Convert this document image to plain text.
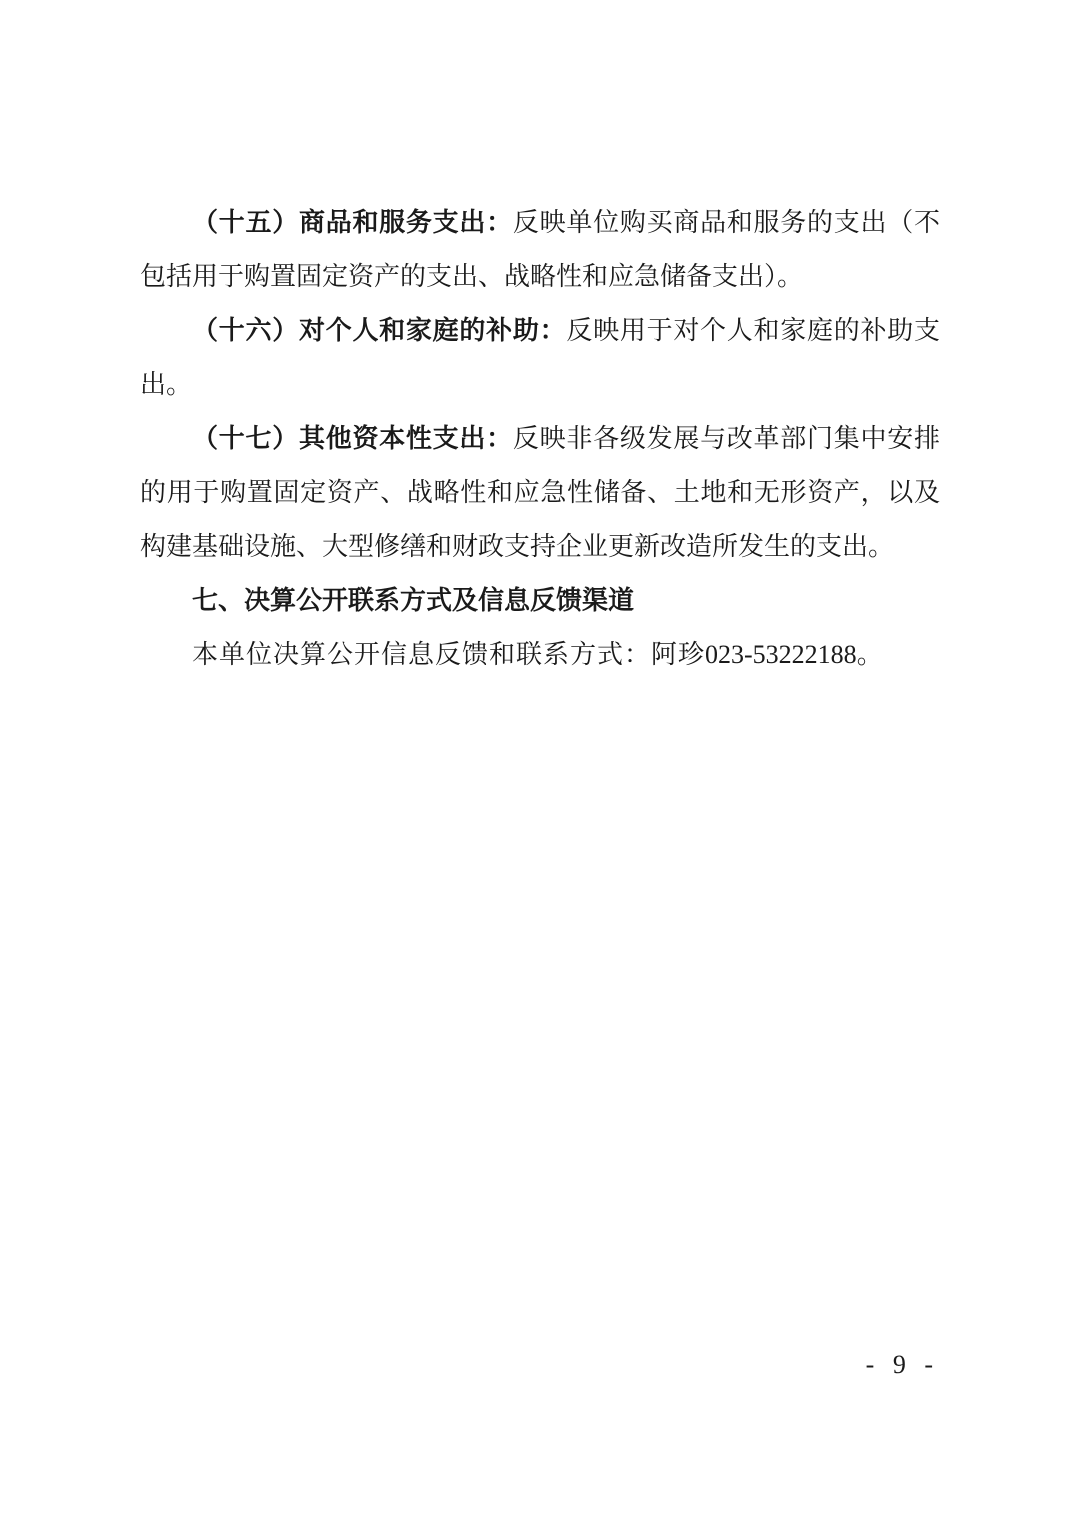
（十五）商品和服务支出：反映单位购买商品和服务的支出（不包括用于购置固定资产的支出、战略性和应急储备支出）。

（十六）对个人和家庭的补助：反映用于对个人和家庭的补助支出。

（十七）其他资本性支出：反映非各级发展与改革部门集中安排的用于购置固定资产、战略性和应急性储备、土地和无形资产，以及构建基础设施、大型修缮和财政支持企业更新改造所发生的支出。

七、决算公开联系方式及信息反馈渠道

本单位决算公开信息反馈和联系方式：阿珍023-53222188。

- 9 -
